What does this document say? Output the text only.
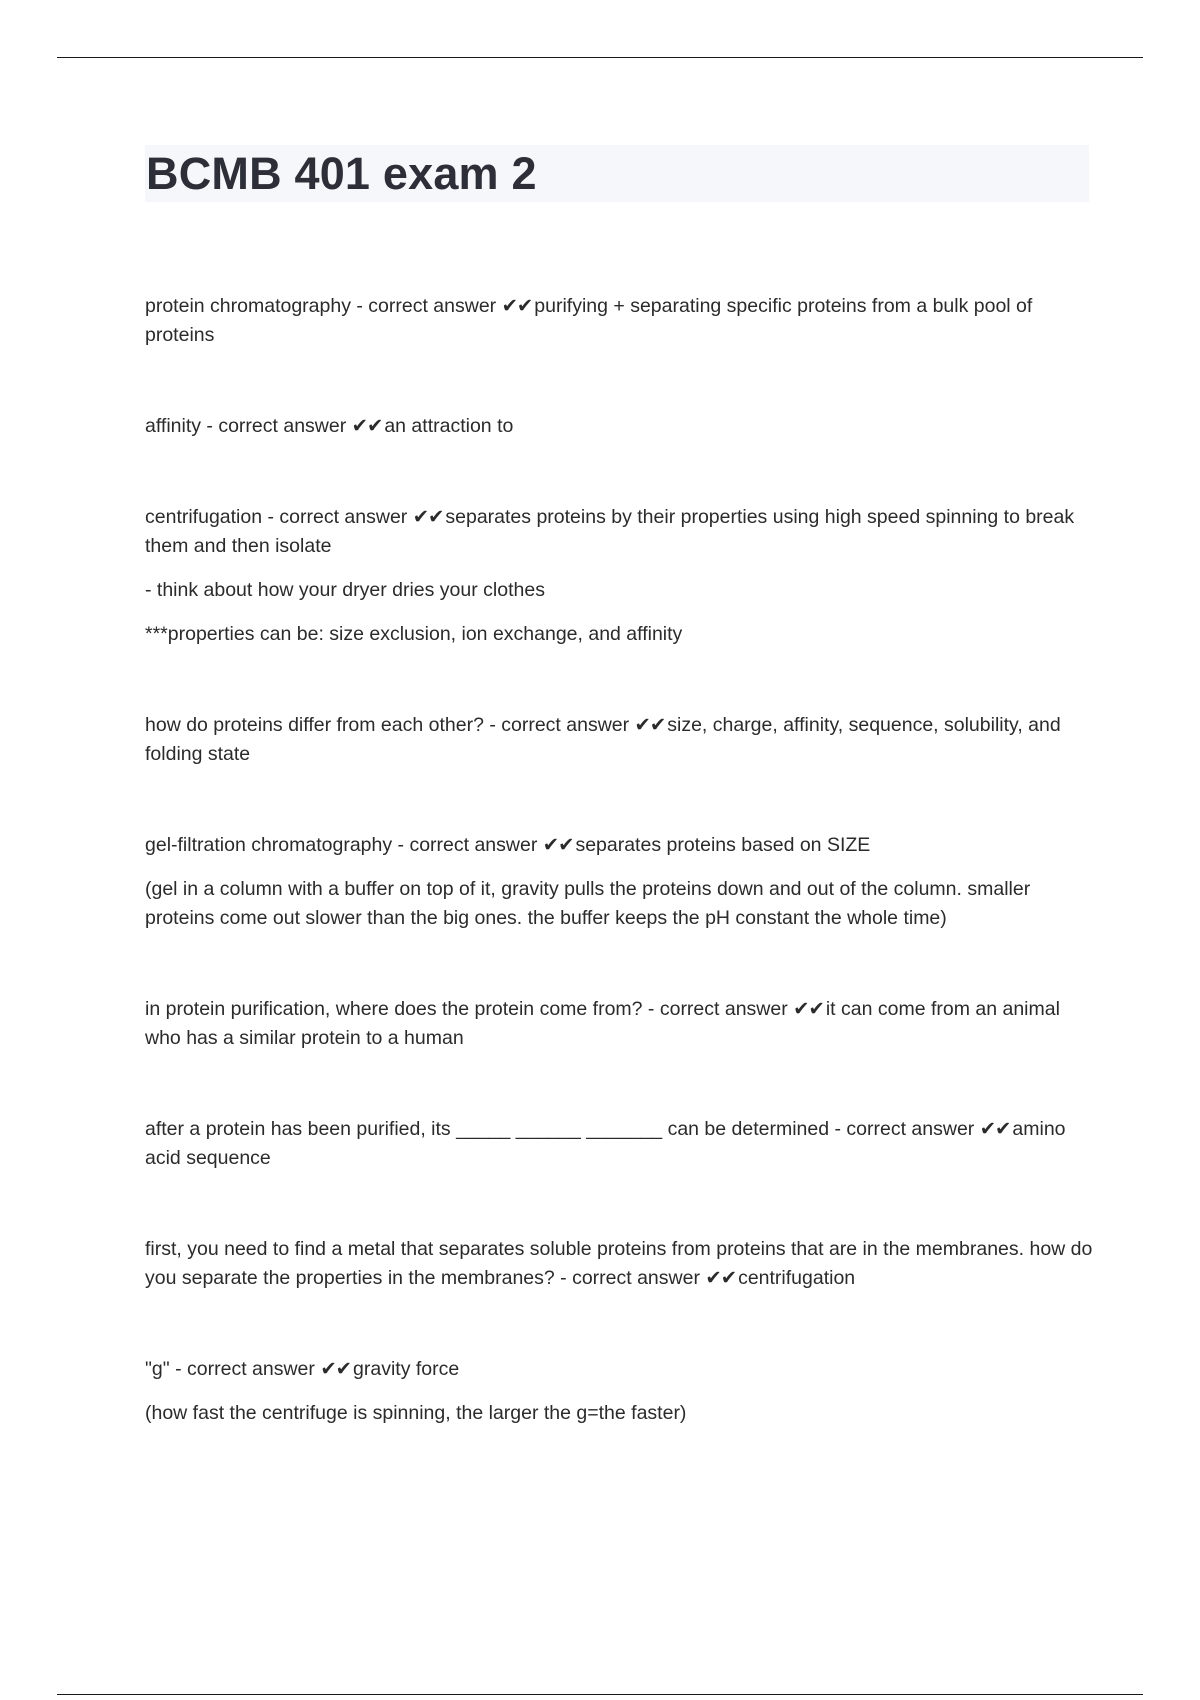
BCMB 401 exam 2

protein chromatography - correct answer ✔✔ purifying + separating specific proteins from a bulk pool of proteins

affinity - correct answer ✔✔ an attraction to

centrifugation - correct answer ✔✔ separates proteins by their properties using high speed spinning to break them and then isolate

- think about how your dryer dries your clothes

***properties can be: size exclusion, ion exchange, and affinity

how do proteins differ from each other? - correct answer ✔✔ size, charge, affinity, sequence, solubility, and folding state

gel-filtration chromatography - correct answer ✔✔ separates proteins based on SIZE

(gel in a column with a buffer on top of it, gravity pulls the proteins down and out of the column. smaller proteins come out slower than the big ones. the buffer keeps the pH constant the whole time)

in protein purification, where does the protein come from? - correct answer ✔✔ it can come from an animal who has a similar protein to a human

after a protein has been purified, its _____ ______ _______ can be determined - correct answer ✔✔ amino acid sequence

first, you need to find a metal that separates soluble proteins from proteins that are in the membranes. how do you separate the properties in the membranes? - correct answer ✔✔ centrifugation

"g" - correct answer ✔✔ gravity force

(how fast the centrifuge is spinning, the larger the g=the faster)
